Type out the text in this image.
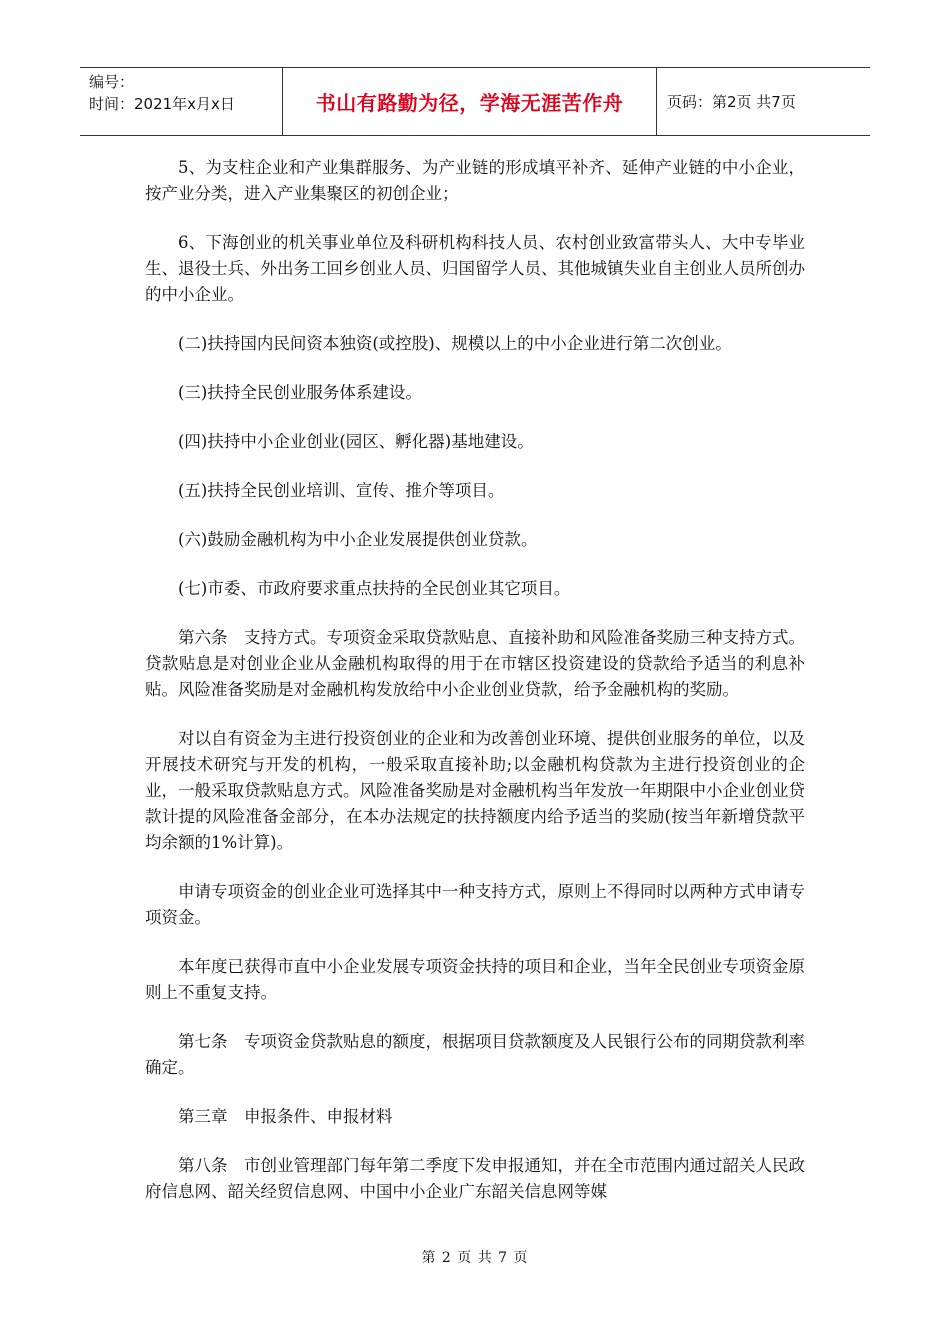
编号：
时间：2021年x月x日	书山有路勤为径，学海无涯苦作舟	页码：第2页 共7页

5、为支柱企业和产业集群服务、为产业链的形成填平补齐、延伸产业链的中小企业，按产业分类，进入产业集聚区的初创企业；

6、下海创业的机关事业单位及科研机构科技人员、农村创业致富带头人、大中专毕业生、退役士兵、外出务工回乡创业人员、归国留学人员、其他城镇失业自主创业人员所创办的中小企业。

(二)扶持国内民间资本独资(或控股)、规模以上的中小企业进行第二次创业。

(三)扶持全民创业服务体系建设。

(四)扶持中小企业创业(园区、孵化器)基地建设。

(五)扶持全民创业培训、宣传、推介等项目。

(六)鼓励金融机构为中小企业发展提供创业贷款。

(七)市委、市政府要求重点扶持的全民创业其它项目。

第六条　支持方式。专项资金采取贷款贴息、直接补助和风险准备奖励三种支持方式。贷款贴息是对创业企业从金融机构取得的用于在市辖区投资建设的贷款给予适当的利息补贴。风险准备奖励是对金融机构发放给中小企业创业贷款，给予金融机构的奖励。

对以自有资金为主进行投资创业的企业和为改善创业环境、提供创业服务的单位，以及开展技术研究与开发的机构，一般采取直接补助;以金融机构贷款为主进行投资创业的企业，一般采取贷款贴息方式。风险准备奖励是对金融机构当年发放一年期限中小企业创业贷款计提的风险准备金部分，在本办法规定的扶持额度内给予适当的奖励(按当年新增贷款平均余额的1%计算)。

申请专项资金的创业企业可选择其中一种支持方式，原则上不得同时以两种方式申请专项资金。

本年度已获得市直中小企业发展专项资金扶持的项目和企业，当年全民创业专项资金原则上不重复支持。

第七条　专项资金贷款贴息的额度，根据项目贷款额度及人民银行公布的同期贷款利率确定。

第三章　申报条件、申报材料

第八条　市创业管理部门每年第二季度下发申报通知，并在全市范围内通过韶关人民政府信息网、韶关经贸信息网、中国中小企业广东韶关信息网等媒

第 2 页 共 7 页
